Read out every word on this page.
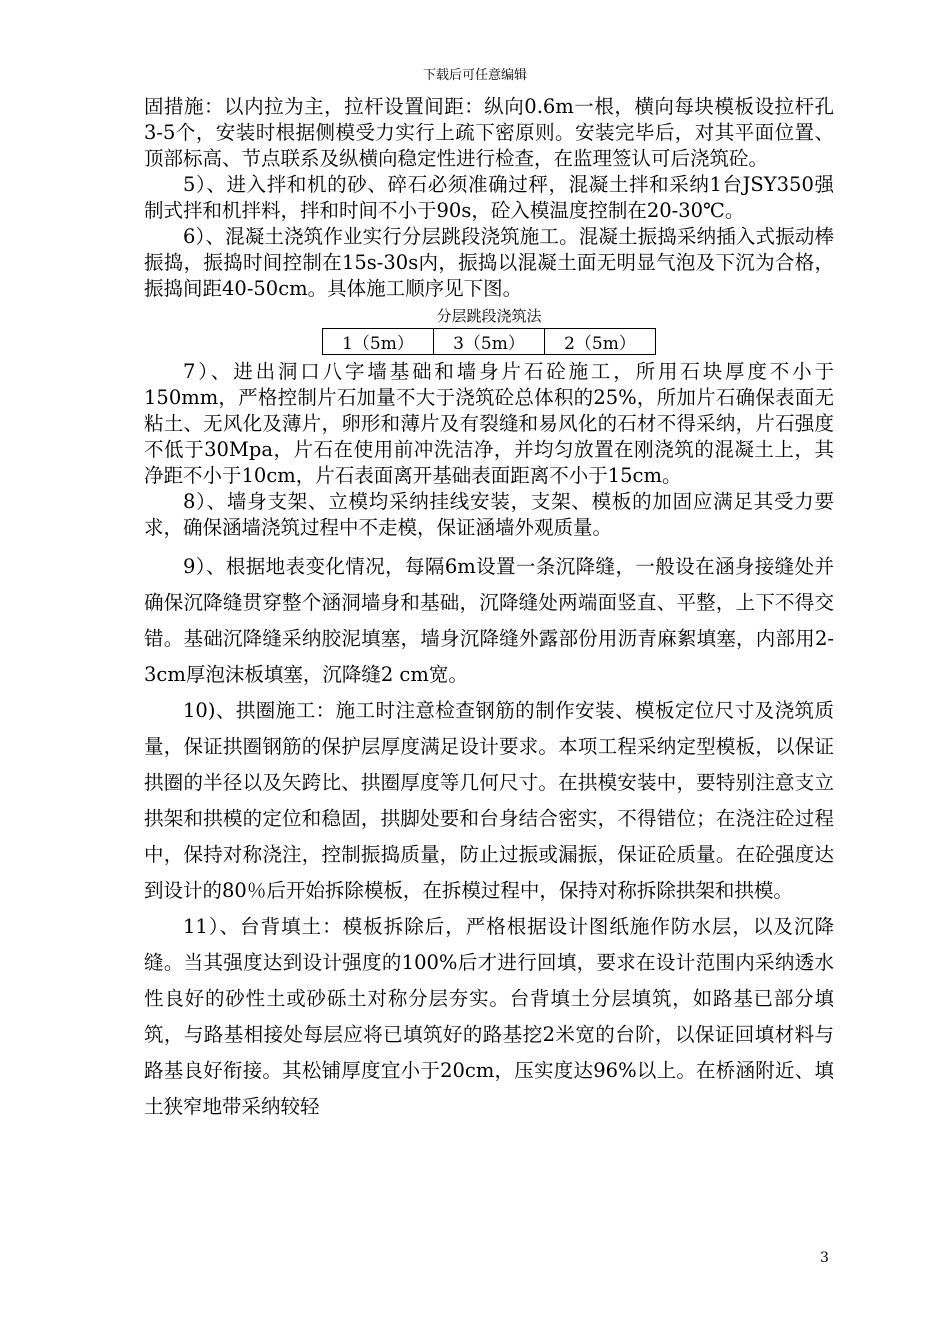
下载后可任意编辑

固措施：以内拉为主，拉杆设置间距：纵向0.6m一根，横向每块模板设拉杆孔3-5个，安装时根据侧模受力实行上疏下密原则。安装完毕后，对其平面位置、顶部标高、节点联系及纵横向稳定性进行检查，在监理签认可后浇筑砼。

5）、进入拌和机的砂、碎石必须准确过秤，混凝土拌和采纳1台JSY350强制式拌和机拌料，拌和时间不小于90s，砼入模温度控制在20-30℃。

6）、混凝土浇筑作业实行分层跳段浇筑施工。混凝土振捣采纳插入式振动棒振捣，振捣时间控制在15s-30s内，振捣以混凝土面无明显气泡及下沉为合格，振捣间距40-50cm。具体施工顺序见下图。

分层跳段浇筑法
1（5m）	3（5m）	2（5m）

7）、进出洞口八字墙基础和墙身片石砼施工，所用石块厚度不小于150mm，严格控制片石加量不大于浇筑砼总体积的25%，所加片石确保表面无粘土、无风化及薄片，卵形和薄片及有裂缝和易风化的石材不得采纳，片石强度不低于30Mpa，片石在使用前冲洗洁净，并均匀放置在刚浇筑的混凝土上，其净距不小于10cm，片石表面离开基础表面距离不小于15cm。

8）、墙身支架、立模均采纳挂线安装，支架、模板的加固应满足其受力要求，确保涵墙浇筑过程中不走模，保证涵墙外观质量。

9）、根据地表变化情况，每隔6m设置一条沉降缝，一般设在涵身接缝处并确保沉降缝贯穿整个涵洞墙身和基础，沉降缝处两端面竖直、平整，上下不得交错。基础沉降缝采纳胶泥填塞，墙身沉降缝外露部份用沥青麻絮填塞，内部用2-3cm厚泡沫板填塞，沉降缝2 cm宽。

10)、拱圈施工：施工时注意检查钢筋的制作安装、模板定位尺寸及浇筑质量，保证拱圈钢筋的保护层厚度满足设计要求。本项工程采纳定型模板，以保证拱圈的半径以及矢跨比、拱圈厚度等几何尺寸。在拱模安装中，要特别注意支立拱架和拱模的定位和稳固，拱脚处要和台身结合密实，不得错位；在浇注砼过程中，保持对称浇注，控制振捣质量，防止过振或漏振，保证砼质量。在砼强度达到设计的80％后开始拆除模板，在拆模过程中，保持对称拆除拱架和拱模。

11）、台背填土：模板拆除后，严格根据设计图纸施作防水层，以及沉降缝。当其强度达到设计强度的100%后才进行回填，要求在设计范围内采纳透水性良好的砂性土或砂砾土对称分层夯实。台背填土分层填筑，如路基已部分填筑，与路基相接处每层应将已填筑好的路基挖2米宽的台阶，以保证回填材料与路基良好衔接。其松铺厚度宜小于20cm，压实度达96%以上。在桥涵附近、填土狭窄地带采纳较轻

3
